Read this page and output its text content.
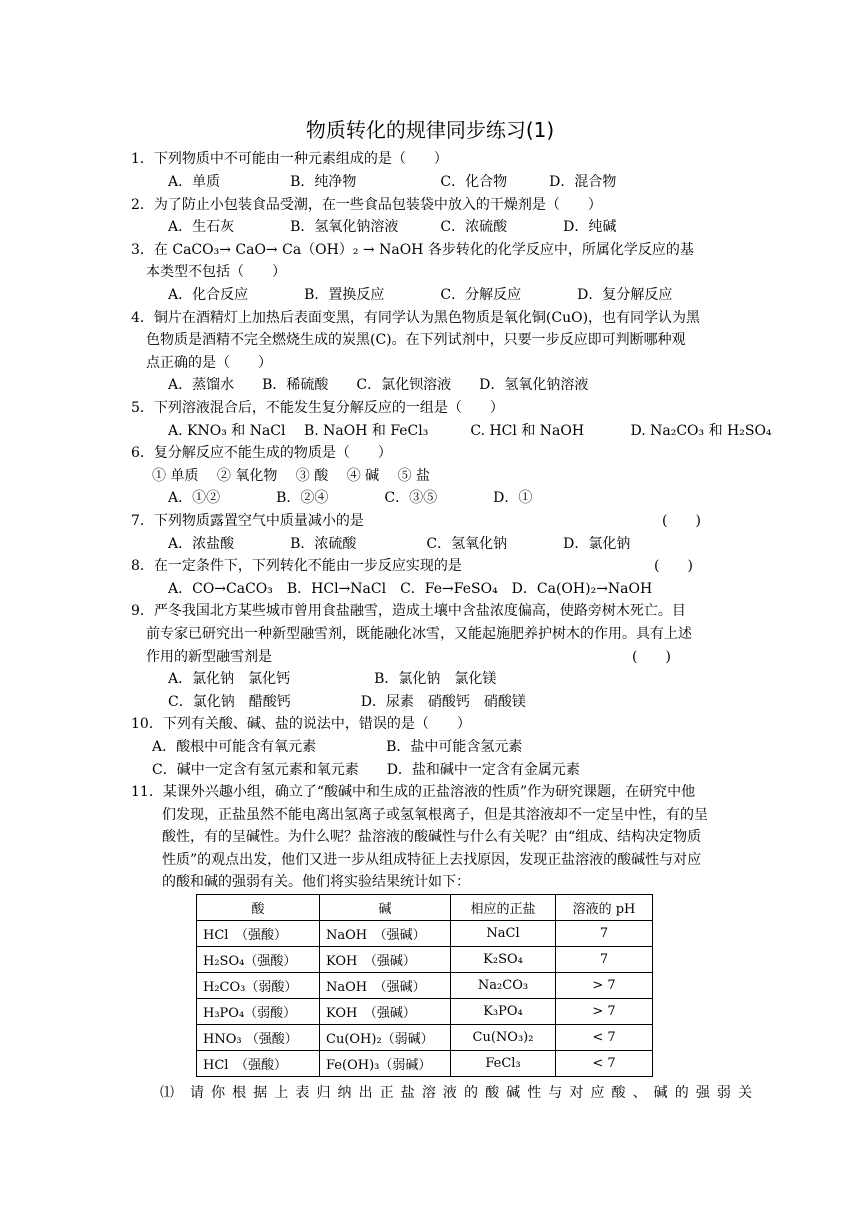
物质转化的规律同步练习(1)
1．下列物质中不可能由一种元素组成的是（　　）
A．单质　　　　　B．纯净物　　　　　　C．化合物　　　D．混合物
2．为了防止小包装食品受潮，在一些食品包装袋中放入的干燥剂是（　　）
A．生石灰　　　　B．氢氧化钠溶液　　　C．浓硫酸　　　　D．纯碱
3．在 CaCO₃→ CaO→ Ca（OH）₂ → NaOH 各步转化的化学反应中，所属化学反应的基
本类型不包括（　　）
A．化合反应　　　　B．置换反应　　　　C．分解反应　　　　D．复分解反应
4．铜片在酒精灯上加热后表面变黑，有同学认为黑色物质是氧化铜(CuO)，也有同学认为黑
色物质是酒精不完全燃烧生成的炭黑(C)。在下列试剂中，只要一步反应即可判断哪种观
点正确的是（　　）
A．蒸馏水　　B．稀硫酸　　C．氯化钡溶液　　D．氢氧化钠溶液
5．下列溶液混合后，不能发生复分解反应的一组是（　　）
A. KNO₃ 和 NaCl　 B. NaOH 和 FeCl₃　　　C. HCl 和 NaOH　　　 D. Na₂CO₃ 和 H₂SO₄
6．复分解反应不能生成的物质是（　　）
① 单质　 ② 氧化物　 ③ 酸　 ④ 碱　 ⑤ 盐
A．①②　　　　B．②④　　　　C．③⑤　　　　D．①
7．下列物质露置空气中质量减小的是	(　　)
A．浓盐酸　　　　B．浓硫酸　　　　　C．氢氧化钠　　　　D．氯化钠
8．在一定条件下，下列转化不能由一步反应实现的是	(　　)
A．CO→CaCO₃　B．HCl→NaCl　C．Fe→FeSO₄　D．Ca(OH)₂→NaOH
9．严冬我国北方某些城市曾用食盐融雪，造成土壤中含盐浓度偏高，使路旁树木死亡。目
前专家已研究出一种新型融雪剂，既能融化冰雪，又能起施肥养护树木的作用。具有上述
作用的新型融雪剂是	(　　)
A．氯化钠　氯化钙　　　　　　B．氯化钠　氯化镁
C．氯化钠　醋酸钙　　　　　D．尿素　硝酸钙　硝酸镁
10．下列有关酸、碱、盐的说法中，错误的是（　　）
A．酸根中可能含有氧元素　　　　　B．盐中可能含氢元素
C．碱中一定含有氢元素和氧元素　　D．盐和碱中一定含有金属元素
11．某课外兴趣小组，确立了“酸碱中和生成的正盐溶液的性质”作为研究课题，在研究中他
们发现，正盐虽然不能电离出氢离子或氢氧根离子，但是其溶液却不一定呈中性，有的呈
酸性，有的呈碱性。为什么呢？盐溶液的酸碱性与什么有关呢？由“组成、结构决定物质
性质”的观点出发，他们又进一步从组成特征上去找原因，发现正盐溶液的酸碱性与对应
的酸和碱的强弱有关。他们将实验结果统计如下：
酸	碱	相应的正盐	溶液的 pH
HCl　（强酸）	NaOH　（强碱）	NaCl	7
H₂SO₄（强酸）	KOH　（强碱）	K₂SO₄	7
H₂CO₃（弱酸）	NaOH　（强碱）	Na₂CO₃	> 7
H₃PO₄（弱酸）	KOH　（强碱）	K₃PO₄	> 7
HNO₃ （强酸）	Cu(OH)₂（弱碱）	Cu(NO₃)₂	< 7
HCl　（强酸）	Fe(OH)₃（弱碱）	FeCl₃	< 7
⑴ 请 你 根 据 上 表 归 纳 出 正 盐 溶 液 的 酸 碱 性 与 对 应 酸 、 碱 的 强 弱 关
